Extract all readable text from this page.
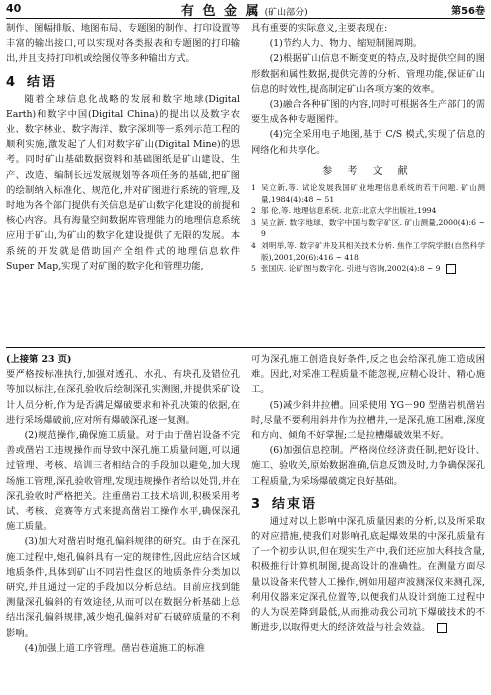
40	有 色 金 属 (矿山部分)	第56卷

制作、图幅排版、地图布局、专题图的制作、打印设置等丰富的输出接口,可以实现对各类报表和专题图的打印输出,并且支持打印机或绘图仪等多种输出方式。

4 结语

随着全球信息化战略的发展和数字地球(Digital Earth)和数字中国(Digital China)的提出以及数字农业、数字林业、数字海洋、数字深圳等一系列示范工程的顺利实施,激发起了人们对数字矿山(Digital Mine)的思考。同时矿山基础数据资料和基础图纸是矿山建设、生产、改造、编制长远发展规划等各项任务的基础,把矿图的绘制纳入标准化、规范化,并对矿图进行系统的管理,及时地为各个部门提供有关信息是矿山数字化建设的前提和核心内容。具有海量空间数据库管理能力的地理信息系统应用于矿山,为矿山的数字化建设提供了无限的发展。本系统的开发就是借助国产全组件式的地理信息软件 Super Map,实现了对矿图的数字化和管理功能,

具有重要的实际意义,主要表现在:

(1)节约人力、物力、缩短制图周期。

(2)根据矿山信息不断变更的特点,及时提供空间的图形数据和属性数据,提供完善的分析、管理功能,保证矿山信息的时效性,提高制定矿山各项方案的效率。

(3)融合各种矿图的内容,同时可根据各生产部门的需要生成各种专题图件。

(4)完全采用电子地图,基于 C/S 模式,实现了信息的网络化和共享化。

参 考 文 献
1 吴立新,等. 试论发展我国矿业地理信息系统的若干问题. 矿山测量,1984(4):48 ~ 51
2 邬 伦,等. 地理信息系统. 北京:北京大学出版社,1994
3 吴立新. 数字地球、数字中国与数字矿区. 矿山测量,2000(4):6 ~ 9
4 刘明举,等. 数字矿井及其相关技术分析. 焦作工学院学报(自然科学版),2001,20(6):416 ~ 418
5 张国庆. 论矿图与数字化. 引进与咨询,2002(4):8 ~ 9

(上接第 23 页)

要严格按标准执行,加强对透孔、水孔、有块孔及错位孔等加以标注,在深孔验收后绘制深孔实测图,并提供采矿设计人员分析,作为是否满足爆破要求和补孔决策的依据,在进行采场爆破前,应对所有爆破深孔逐一复测。

(2)规范操作,确保施工质量。对于由于凿岩设备不完善或凿岩工违规操作而导致中深孔施工质量问题,可以通过管理、考核、培训三者相结合的手段加以避免,加大现场施工管理,深孔验收管理,发现违规操作者给以处罚,并在深孔验收时严格把关。注重凿岩工技术培训,积极采用考试、考核、竞赛等方式来提高凿岩工操作水平,确保深孔施工质量。

(3)加大对凿岩时炮孔偏斜规律的研究。由于在深孔施工过程中,炮孔偏斜具有一定的规律性,因此应结合区域地质条件,具体到矿山不同岩性盘区的地质条件分类加以研究,并且通过一定的手段加以分析总结。目前应找到能测量深孔偏斜的有效途径,从而可以在数据分析基础上总结出深孔偏斜规律,减少炮孔偏斜对矿石破碎质量的不利影响。

(4)加强上道工序管理。凿岩巷道施工的标准

可为深孔施工创造良好条件,反之也会给深孔施工造成困难。因此,对采准工程质量不能忽视,应精心设计、精心施工。

(5)减少斜井拉槽。回采使用 YG－90 型凿岩机凿岩时,尽量不要利用斜井作为拉槽井,一是深孔施工困难,深度和方向、倾角不好掌握;二是拉槽爆破效果不好。

(6)加强信息控制。严格岗位经济责任制,把好设计、施工、验收关,原始数据准确,信息反馈及时,力争确保深孔工程质量,为采场爆破奠定良好基础。

3 结束语

通过对以上影响中深孔质量因素的分析,以及所采取的对应措施,使我们对影响孔底起爆效果的中深孔质量有了一个初步认识,但在现实生产中,我们还应加大科技含量,积极推行计算机制图,提高设计的准确性。在测量方面尽量以设备来代替人工操作,例如用超声波测深仪来测孔深,利用仪器来定深孔位置等,以便我们从设计到施工过程中的人为误差降到最低,从而推动我公司坑下爆破技术的不断进步,以取得更大的经济效益与社会效益。
